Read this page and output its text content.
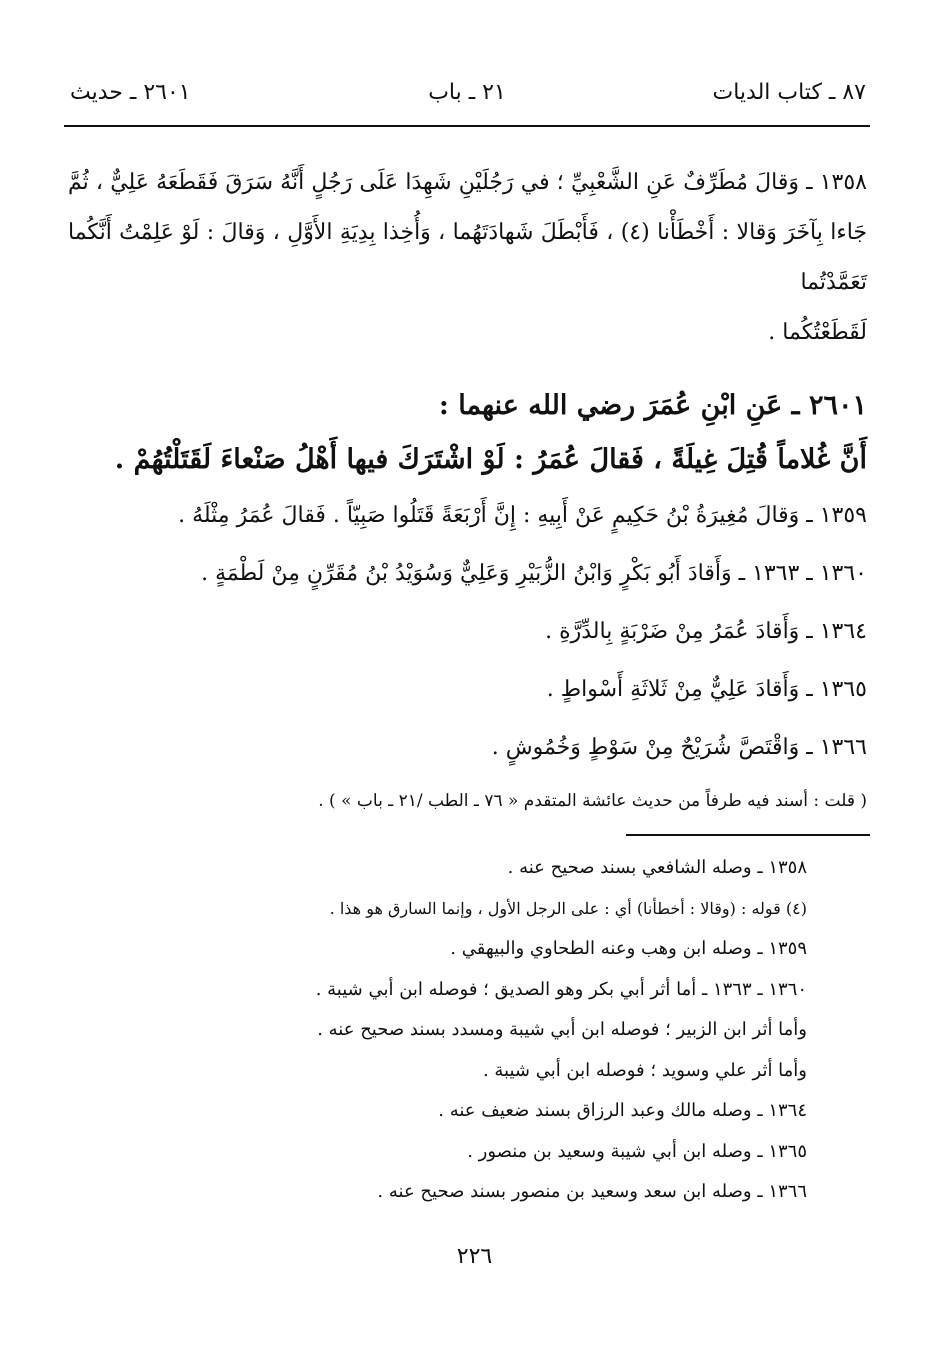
٨٧ ـ كتاب الديات
٢١ ـ باب
٢٦٠١ ـ حديث

١٣٥٨ ـ وَقالَ مُطَرِّفٌ عَنِ الشَّعْبِيِّ ؛ في رَجُلَيْنِ شَهِدَا عَلَى رَجُلٍ أَنَّهُ سَرَقَ فَقَطَعَهُ عَلِيٌّ ، ثُمَّ جَاءا بِآخَرَ وَقالا : أَخْطَأْنا (٤) ، فَأَبْطَلَ شَهادَتَهُما ، وَأُخِذا بِدِيَةِ الأَوَّلِ ، وَقالَ : لَوْ عَلِمْتُ أَنَّكُما تَعَمَّدْتُما

لَقَطَعْتُكُما .

٢٦٠١ ـ عَنِ ابْنِ عُمَرَ رضي الله عنهما :

أَنَّ غُلاماً قُتِلَ غِيلَةً ، فَقالَ عُمَرُ : لَوْ اشْتَرَكَ فيها أَهْلُ صَنْعاءَ لَقَتَلْتُهُمْ .

١٣٥٩ ـ وَقالَ مُغِيرَةُ بْنُ حَكِيمٍ عَنْ أَبِيهِ : إِنَّ أَرْبَعَةً قَتَلُوا صَبِيّاً . فَقالَ عُمَرُ مِثْلَهُ .

١٣٦٠ ـ ١٣٦٣ ـ وَأَقادَ أَبُو بَكْرٍ وَابْنُ الزُّبَيْرِ وَعَلِيٌّ وَسُوَيْدُ بْنُ مُقَرِّنٍ مِنْ لَطْمَةٍ .

١٣٦٤ ـ وَأَقادَ عُمَرُ مِنْ ضَرْبَةٍ بِالدِّرَّةِ .

١٣٦٥ ـ وَأَقادَ عَلِيٌّ مِنْ ثَلاثَةِ أَسْواطٍ .

١٣٦٦ ـ وَاقْتَصَّ شُرَيْحٌ مِنْ سَوْطٍ وَخُمُوشٍ .

( قلت : أسند فيه طرفاً من حديث عائشة المتقدم « ٧٦ ـ الطب /٢١ ـ باب » ) .

١٣٥٨ ـ وصله الشافعي بسند صحيح عنه .

(٤) قوله : (وقالا : أخطأنا) أي : على الرجل الأول ، وإنما السارق هو هذا .

١٣٥٩ ـ وصله ابن وهب وعنه الطحاوي والبيهقي .

١٣٦٠ ـ ١٣٦٣ ـ أما أثر أبي بكر وهو الصديق ؛ فوصله ابن أبي شيبة .

وأما أثر ابن الزبير ؛ فوصله ابن أبي شيبة ومسدد بسند صحيح عنه .

وأما أثر علي وسويد ؛ فوصله ابن أبي شيبة .

١٣٦٤ ـ وصله مالك وعبد الرزاق بسند ضعيف عنه .

١٣٦٥ ـ وصله ابن أبي شيبة وسعيد بن منصور .

١٣٦٦ ـ وصله ابن سعد وسعيد بن منصور بسند صحيح عنه .

٢٢٦
